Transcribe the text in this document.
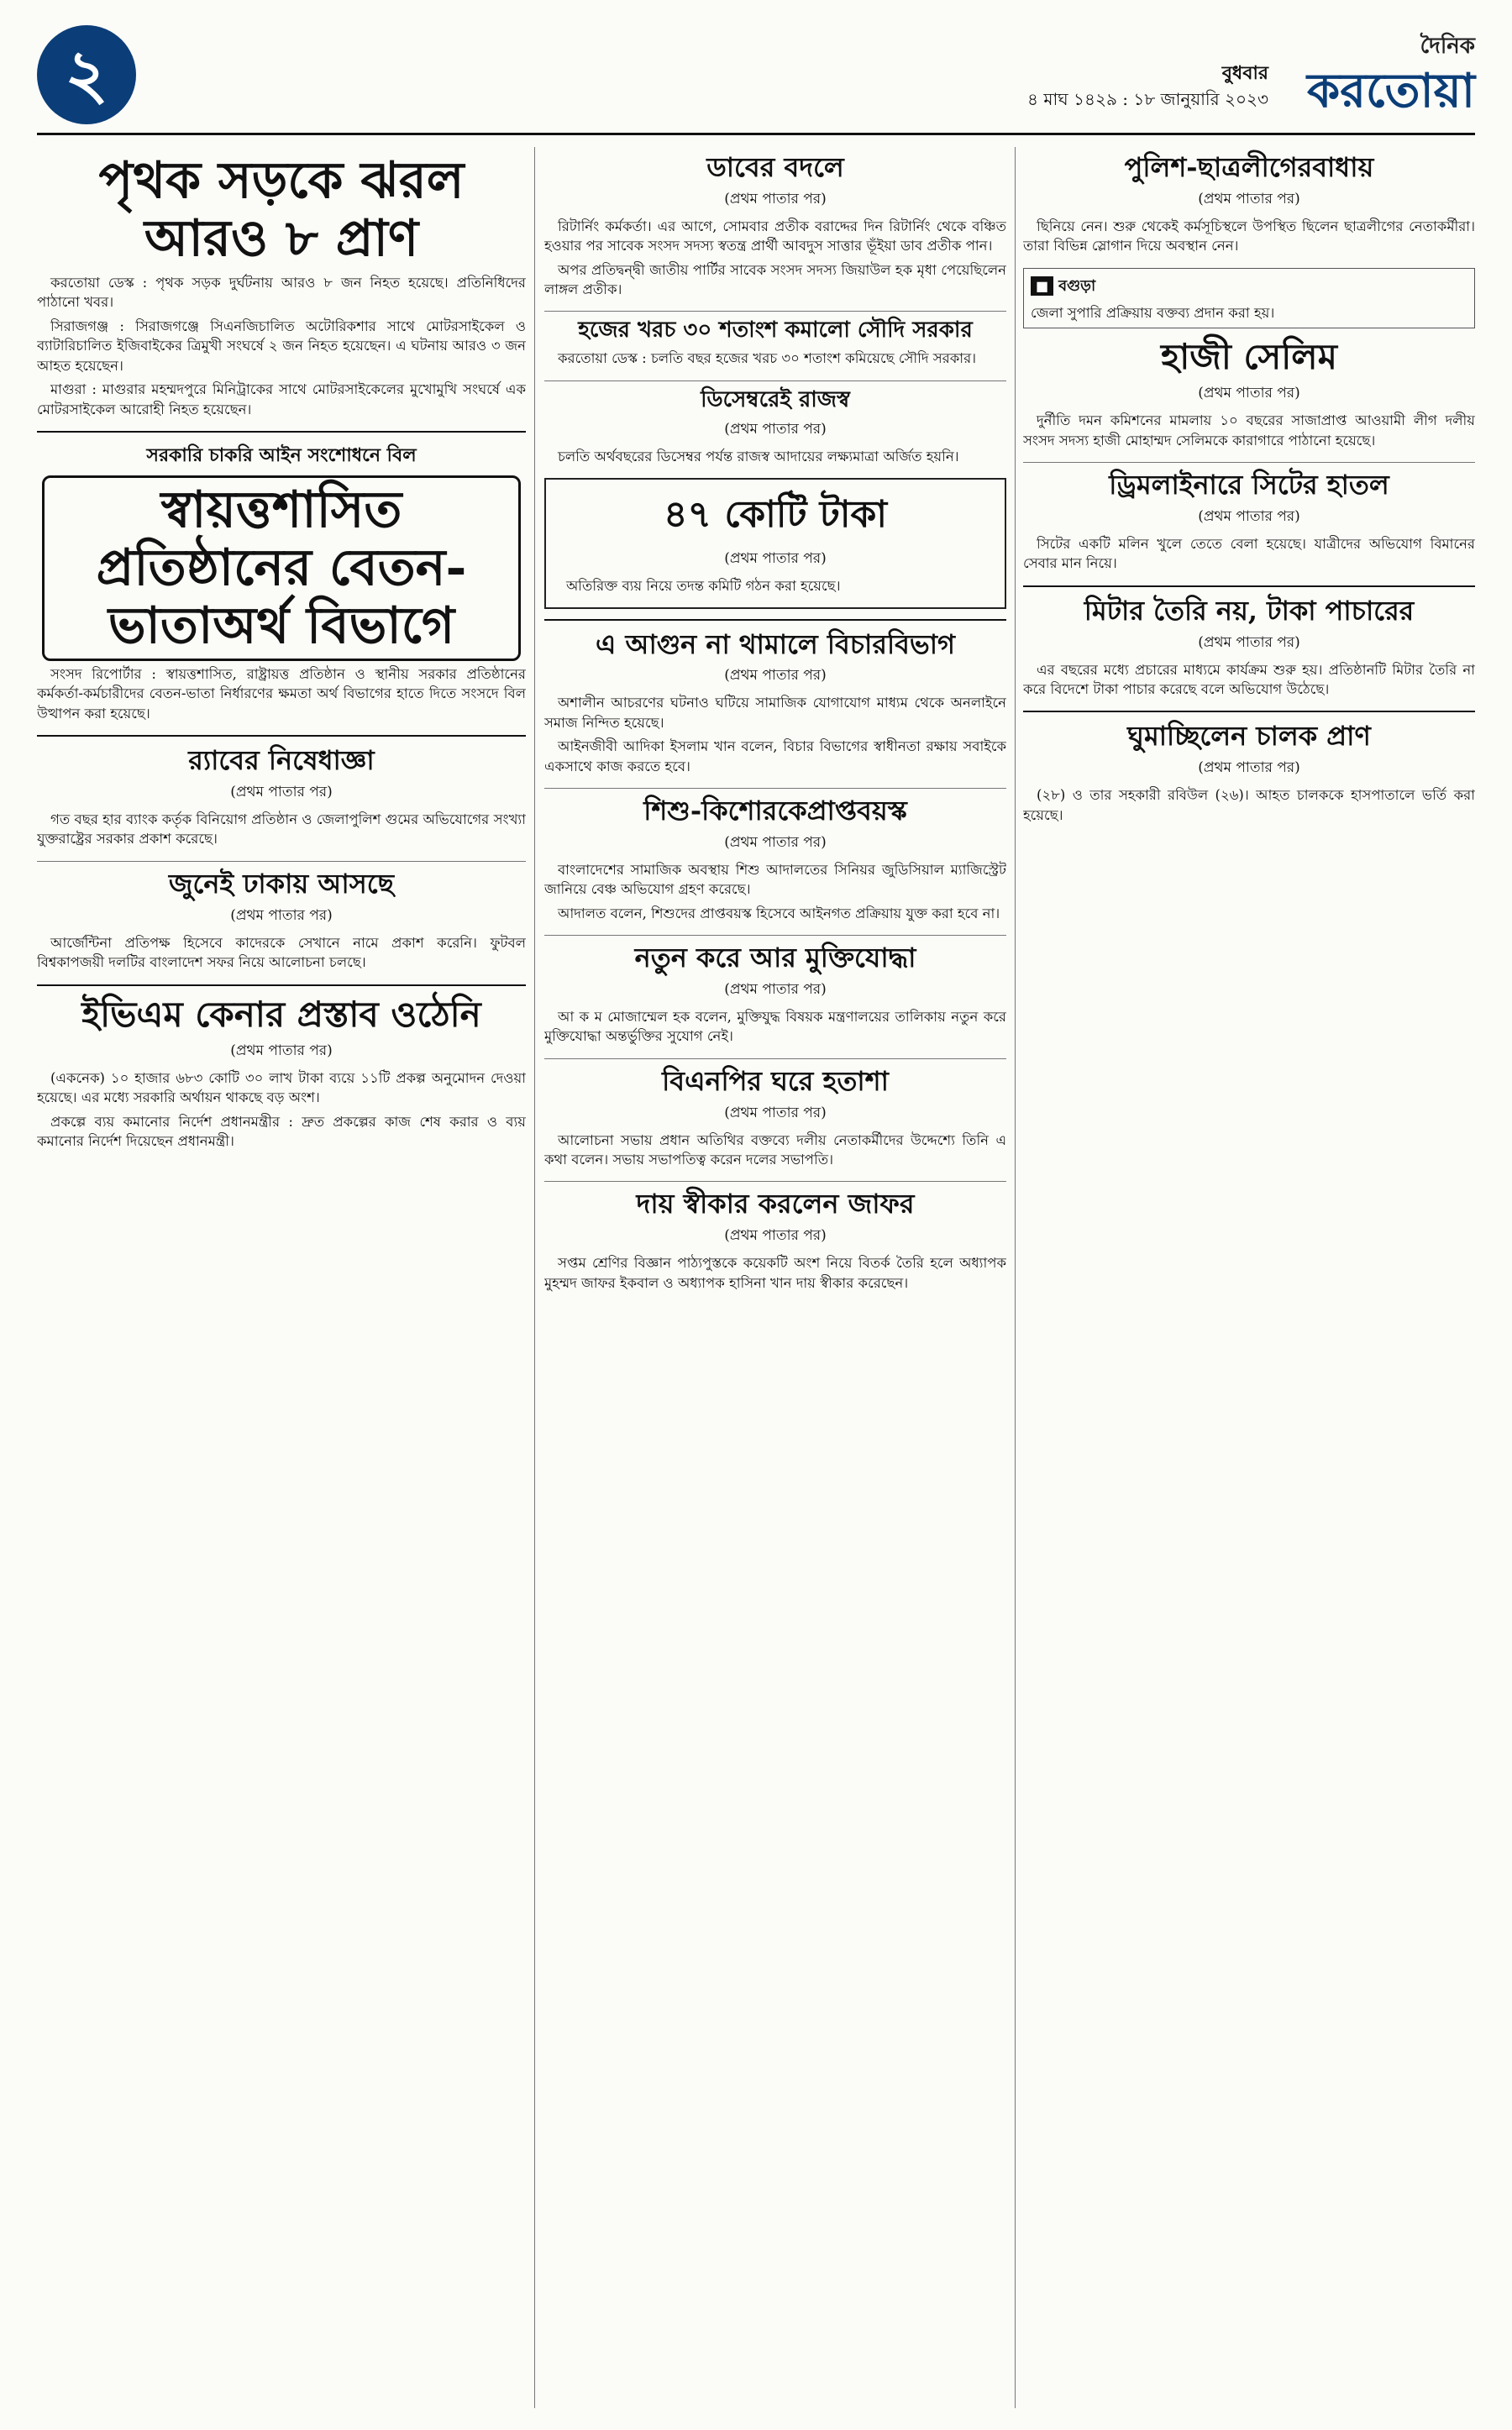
২	বুধবার
৪ মাঘ ১৪২৯ : ১৮ জানুয়ারি ২০২৩
দৈনিক
করতোয়া
পৃথক সড়কে ঝরল আরও ৮ প্রাণ

করতোয়া ডেস্ক : পৃথক সড়ক দুর্ঘটনায় আরও ৮ জন নিহত হয়েছে। প্রতিনিধিদের পাঠানো খবর।

সিরাজগঞ্জ : সিরাজগঞ্জে সিএনজিচালিত অটোরিকশার সাথে মোটরসাইকেল ও ব্যাটারিচালিত ইজিবাইকের ত্রিমুখী সংঘর্ষে ২ জন নিহত হয়েছেন। এ ঘটনায় আরও ৩ জন আহত হয়েছেন।

মাগুরা : মাগুরার মহম্মদপুরে মিনিট্রাকের সাথে মোটরসাইকেলের মুখোমুখি সংঘর্ষে এক মোটরসাইকেল আরোহী নিহত হয়েছেন।

সরকারি চাকরি আইন সংশোধনে বিল
স্বায়ত্তশাসিত প্রতিষ্ঠানের বেতন-ভাতাঅর্থ বিভাগে

সংসদ রিপোর্টার : স্বায়ত্তশাসিত, রাষ্ট্রায়ত্ত প্রতিষ্ঠান ও স্থানীয় সরকার প্রতিষ্ঠানের কর্মকর্তা-কর্মচারীদের বেতন-ভাতা নির্ধারণের ক্ষমতা অর্থ বিভাগের হাতে দিতে সংসদে বিল উত্থাপন করা হয়েছে।

র‌্যাবের নিষেধাজ্ঞা
(প্রথম পাতার পর)

গত বছর হার ব্যাংক কর্তৃক বিনিয়োগ প্রতিষ্ঠান ও জেলাপুলিশ গুমের অভিযোগের সংখ্যা যুক্তরাষ্ট্রের সরকার প্রকাশ করেছে।

জুনেই ঢাকায় আসছে
(প্রথম পাতার পর)

আর্জেন্টিনা প্রতিপক্ষ হিসেবে কাদেরকে সেখানে নামে প্রকাশ করেনি। ফুটবল বিশ্বকাপজয়ী দলটির বাংলাদেশ সফর নিয়ে আলোচনা চলছে।

ইভিএম কেনার প্রস্তাব ওঠেনি
(প্রথম পাতার পর)

(একনেক) ১০ হাজার ৬৮৩ কোটি ৩০ লাখ টাকা ব্যয়ে ১১টি প্রকল্প অনুমোদন দেওয়া হয়েছে। এর মধ্যে সরকারি অর্থায়ন থাকছে বড় অংশ।

প্রকল্পে ব্যয় কমানোর নির্দেশ প্রধানমন্ত্রীর : দ্রুত প্রকল্পের কাজ শেষ করার ও ব্যয় কমানোর নির্দেশ দিয়েছেন প্রধানমন্ত্রী।

ডাবের বদলে
(প্রথম পাতার পর)

রিটার্নিং কর্মকর্তা। এর আগে, সোমবার প্রতীক বরাদ্দের দিন রিটার্নিং থেকে বঞ্চিত হওয়ার পর সাবেক সংসদ সদস্য স্বতন্ত্র প্রার্থী আবদুস সাত্তার ভূঁইয়া ডাব প্রতীক পান।

অপর প্রতিদ্বন্দ্বী জাতীয় পার্টির সাবেক সংসদ সদস্য জিয়াউল হক মৃধা পেয়েছিলেন লাঙ্গল প্রতীক।

হজের খরচ ৩০ শতাংশ কমালো সৌদি সরকার

করতোয়া ডেস্ক : চলতি বছর হজের খরচ ৩০ শতাংশ কমিয়েছে সৌদি সরকার।

ডিসেম্বরেই রাজস্ব
(প্রথম পাতার পর)

চলতি অর্থবছরের ডিসেম্বর পর্যন্ত রাজস্ব আদায়ের লক্ষ্যমাত্রা অর্জিত হয়নি।

৪৭ কোটি টাকা
(প্রথম পাতার পর)

অতিরিক্ত ব্যয় নিয়ে তদন্ত কমিটি গঠন করা হয়েছে।

এ আগুন না থামালে বিচারবিভাগ
(প্রথম পাতার পর)

অশালীন আচরণের ঘটনাও ঘটিয়ে সামাজিক যোগাযোগ মাধ্যম থেকে অনলাইনে সমাজ নিন্দিত হয়েছে।

আইনজীবী আদিকা ইসলাম খান বলেন, বিচার বিভাগের স্বাধীনতা রক্ষায় সবাইকে একসাথে কাজ করতে হবে।

শিশু-কিশোরকেপ্রাপ্তবয়স্ক
(প্রথম পাতার পর)

বাংলাদেশের সামাজিক অবস্থায় শিশু আদালতের সিনিয়র জুডিসিয়াল ম্যাজিস্ট্রেট জানিয়ে বেঞ্চ অভিযোগ গ্রহণ করেছে।

আদালত বলেন, শিশুদের প্রাপ্তবয়স্ক হিসেবে আইনগত প্রক্রিয়ায় যুক্ত করা হবে না।

নতুন করে আর মুক্তিযোদ্ধা
(প্রথম পাতার পর)

আ ক ম মোজাম্মেল হক বলেন, মুক্তিযুদ্ধ বিষয়ক মন্ত্রণালয়ের তালিকায় নতুন করে মুক্তিযোদ্ধা অন্তর্ভুক্তির সুযোগ নেই।

বিএনপির ঘরে হতাশা
(প্রথম পাতার পর)

আলোচনা সভায় প্রধান অতিথির বক্তব্যে দলীয় নেতাকর্মীদের উদ্দেশ্যে তিনি এ কথা বলেন। সভায় সভাপতিত্ব করেন দলের সভাপতি।

দায় স্বীকার করলেন জাফর
(প্রথম পাতার পর)

সপ্তম শ্রেণির বিজ্ঞান পাঠ্যপুস্তকে কয়েকটি অংশ নিয়ে বিতর্ক তৈরি হলে অধ্যাপক মুহম্মদ জাফর ইকবাল ও অধ্যাপক হাসিনা খান দায় স্বীকার করেছেন।

পুলিশ-ছাত্রলীগেরবাধায়
(প্রথম পাতার পর)

ছিনিয়ে নেন। শুরু থেকেই কর্মসূচিস্থলে উপস্থিত ছিলেন ছাত্রলীগের নেতাকর্মীরা। তারা বিভিন্ন স্লোগান দিয়ে অবস্থান নেন।

■ বগুড়া
জেলা সুপারি প্রক্রিয়ায় বক্তব্য প্রদান করা হয়।
হাজী সেলিম
(প্রথম পাতার পর)

দুর্নীতি দমন কমিশনের মামলায় ১০ বছরের সাজাপ্রাপ্ত আওয়ামী লীগ দলীয় সংসদ সদস্য হাজী মোহাম্মদ সেলিমকে কারাগারে পাঠানো হয়েছে।

ড্রিমলাইনারে সিটের হাতল
(প্রথম পাতার পর)

সিটের একটি মলিন খুলে তেতে বেলা হয়েছে। যাত্রীদের অভিযোগ বিমানের সেবার মান নিয়ে।

মিটার তৈরি নয়, টাকা পাচারের
(প্রথম পাতার পর)

এর বছরের মধ্যে প্রচারের মাধ্যমে কার্যক্রম শুরু হয়। প্রতিষ্ঠানটি মিটার তৈরি না করে বিদেশে টাকা পাচার করেছে বলে অভিযোগ উঠেছে।

ঘুমাচ্ছিলেন চালক প্রাণ
(প্রথম পাতার পর)

(২৮) ও তার সহকারী রবিউল (২৬)। আহত চালককে হাসপাতালে ভর্তি করা হয়েছে।
